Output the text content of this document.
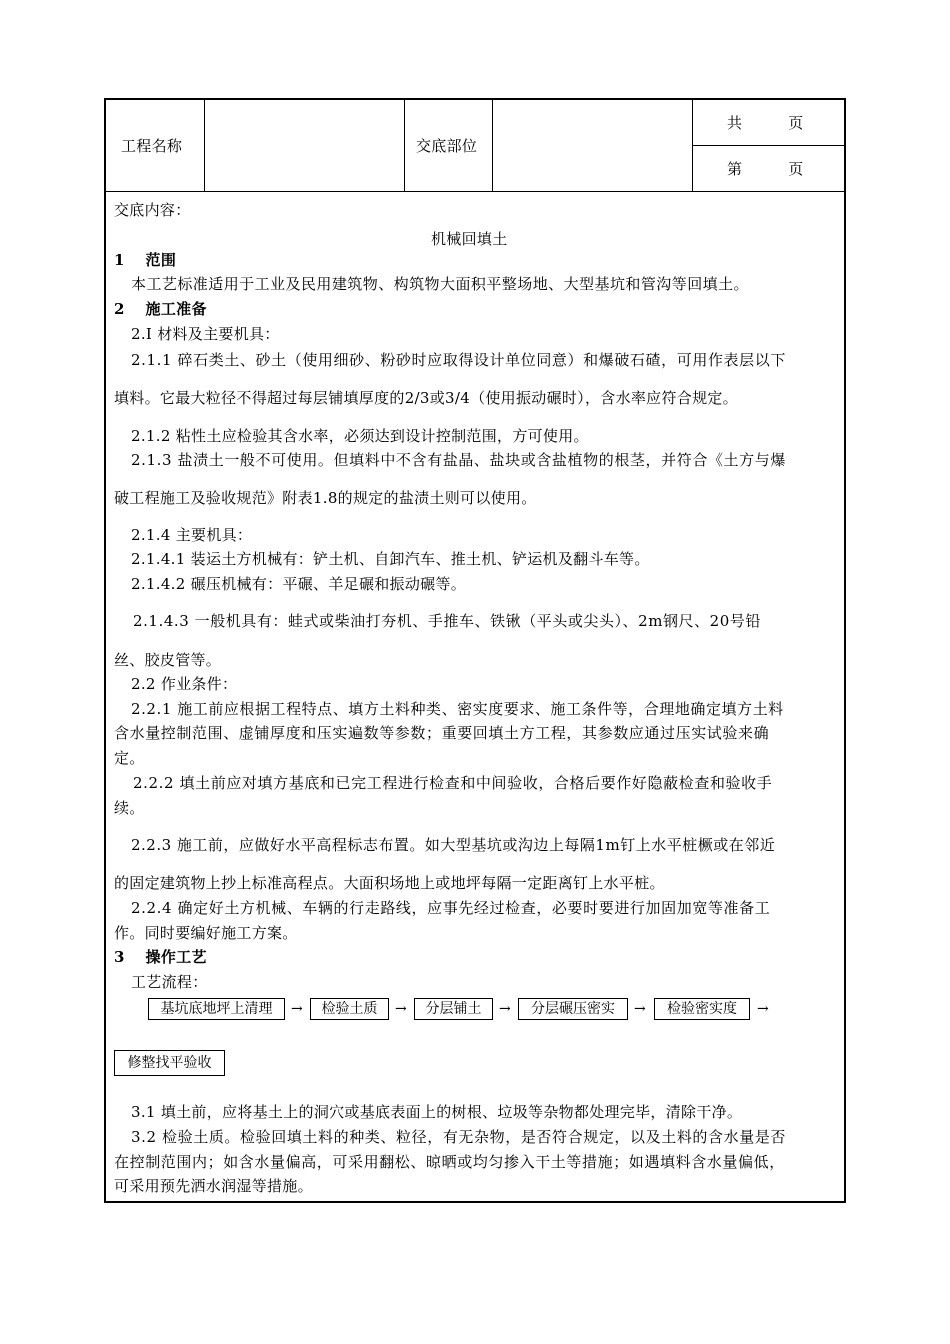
工程名称	交底部位
共　　　页
第　　　页
交底内容：
机械回填土
1　 范围
本工艺标准适用于工业及民用建筑物、构筑物大面积平整场地、大型基坑和管沟等回填土。
2　 施工准备
2.Ⅰ 材料及主要机具：
2.1.1 碎石类土、砂土（使用细砂、粉砂时应取得设计单位同意）和爆破石碴，可用作表层以下
填料。它最大粒径不得超过每层铺填厚度的2/3或3/4（使用振动碾时），含水率应符合规定。
2.1.2 粘性土应检验其含水率，必须达到设计控制范围，方可使用。
2.1.3 盐渍土一般不可使用。但填料中不含有盐晶、盐块或含盐植物的根茎，并符合《土方与爆
破工程施工及验收规范》附表1.8的规定的盐渍土则可以使用。
2.1.4 主要机具：
2.1.4.1 装运土方机械有：铲土机、自卸汽车、推土机、铲运机及翻斗车等。
2.1.4.2 碾压机械有：平碾、羊足碾和振动碾等。
2.1.4.3 一般机具有：蛙式或柴油打夯机、手推车、铁锹（平头或尖头）、2m钢尺、20号铅
丝、胶皮管等。
2.2 作业条件：
2.2.1 施工前应根据工程特点、填方土料种类、密实度要求、施工条件等，合理地确定填方土料
含水量控制范围、虚铺厚度和压实遍数等参数；重要回填土方工程，其参数应通过压实试验来确
定。
2.2.2 填土前应对填方基底和已完工程进行检查和中间验收，合格后要作好隐蔽检查和验收手
续。
2.2.3 施工前，应做好水平高程标志布置。如大型基坑或沟边上每隔1m钉上水平桩橛或在邻近
的固定建筑物上抄上标准高程点。大面积场地上或地坪每隔一定距离钉上水平桩。
2.2.4 确定好土方机械、车辆的行走路线，应事先经过检查，必要时要进行加固加宽等准备工
作。同时要编好施工方案。
3　 操作工艺
工艺流程：
基坑底地坪上清理	→	检验土质	→	分层铺土	→	分层碾压密实	→	检验密实度	→
修整找平验收
3.1 填土前，应将基土上的洞穴或基底表面上的树根、垃圾等杂物都处理完毕，清除干净。
3.2 检验土质。检验回填土料的种类、粒径，有无杂物，是否符合规定，以及土料的含水量是否
在控制范围内；如含水量偏高，可采用翻松、晾晒或均匀掺入干土等措施；如遇填料含水量偏低，
可采用预先洒水润湿等措施。
